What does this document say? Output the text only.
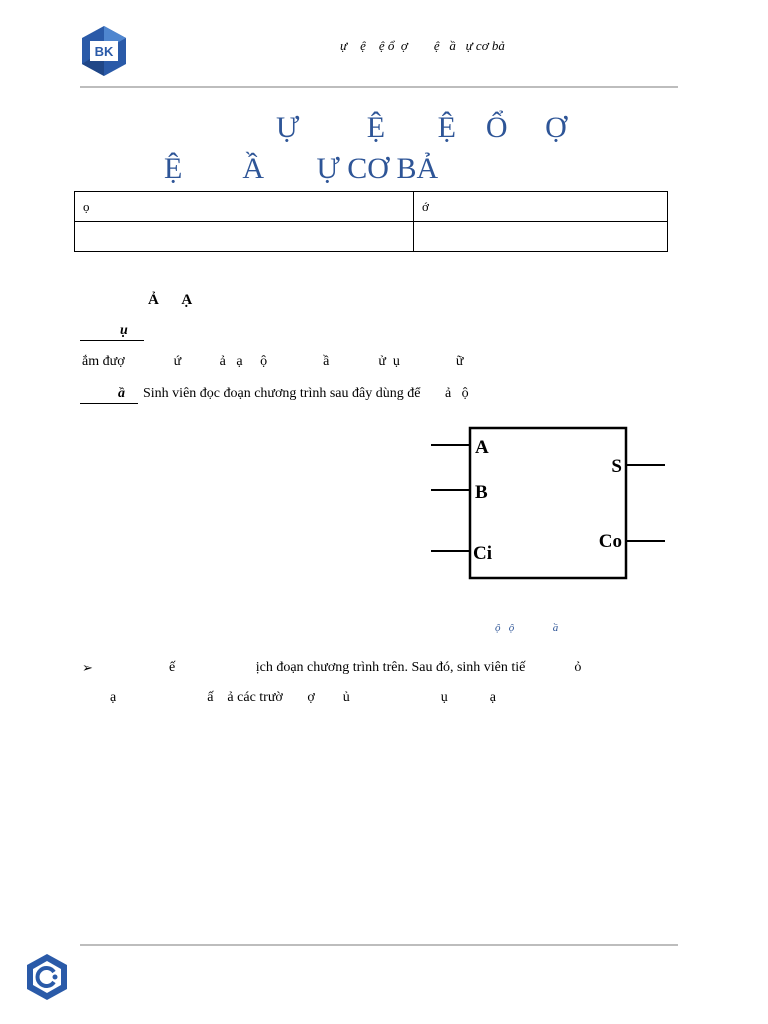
BK	ự    ệ    ệ ổ  ợ        ệ   ầ   ự cơ bả
Ự         Ệ       Ệ    Ổ     Ợ
Ệ        Ầ       Ự CƠ BẢ
ọ	ớ

Ả      Ạ
ụ
ắm đượ              ứ           ả   ạ     ộ                ầ              ử  ụ                ữ
ầ Sinh viên đọc đoạn chương trình sau đây dùng để       ả   ộ
A
B
Ci
S
Co
ộ   ộ              ầ
➢ ế                       ịch đoạn chương trình trên. Sau đó, sinh viên tiế              ỏ
ạ                          ấ    ả các trườ       ợ        ủ                          ụ            ạ
